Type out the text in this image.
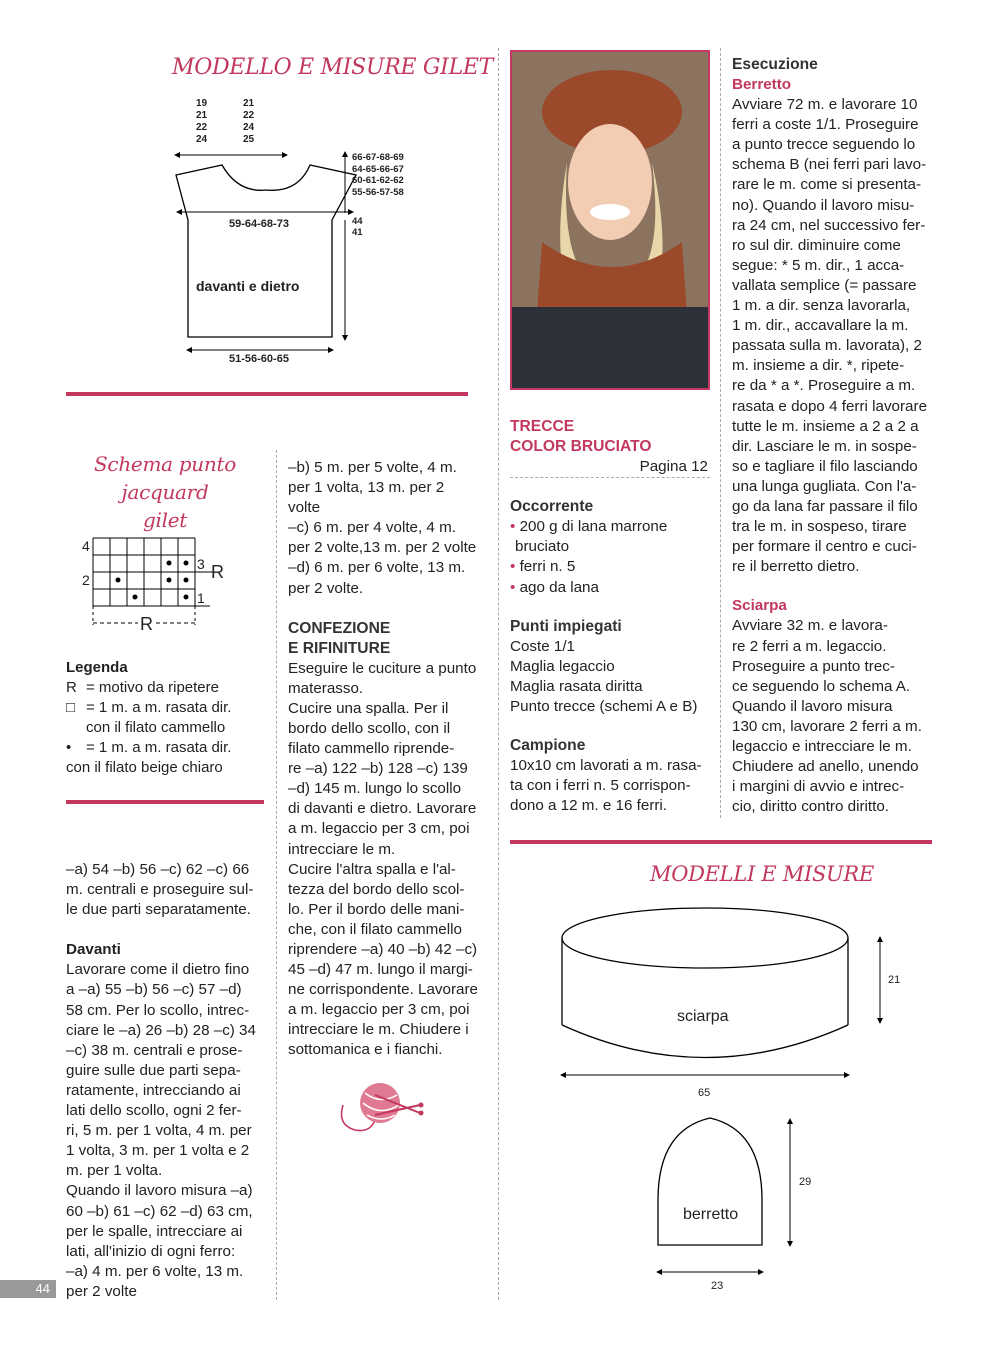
MODELLO E MISURE GILET
19
21
22
24
21
22
24
25
66-67-68-69
64-65-66-67
60-61-62-62
55-56-57-58
44
41
59-64-68-73
davanti e dietro
51-56-60-65
Schema punto jacquard
gilet
4
3
2
1
R
R
Legenda
R = motivo da ripetere
□ = 1 m. a m. rasata dir.
con il filato cammello
• = 1 m. a m. rasata dir.
con il filato beige chiaro

–a) 54 –b) 56 –c) 62 –c) 66

m. centrali e proseguire sul-

le due parti separatamente.

Davanti

Lavorare come il dietro fino

a –a) 55 –b) 56 –c) 57 –d)

58 cm. Per lo scollo, intrec-

ciare le –a) 26 –b) 28 –c) 34

–c) 38 m. centrali e prose-

guire sulle due parti sepa-

ratamente, intrecciando ai

lati dello scollo, ogni 2 fer-

ri, 5 m. per 1 volta, 4 m. per

1 volta, 3 m. per 1 volta e 2

m. per 1 volta.

Quando il lavoro misura –a)

60 –b) 61 –c) 62 –d) 63 cm,

per le spalle, intrecciare ai

lati, all'inizio di ogni ferro:

–a) 4 m. per 6 volte, 13 m.

per 2 volte

44

–b) 5 m. per 5 volte, 4 m.

per 1 volta, 13 m. per 2

volte

–c) 6 m. per 4 volte, 4 m.

per 2 volte,13 m. per 2 volte

–d) 6 m. per 6 volte, 13 m.

per 2 volte.

CONFEZIONE

E RIFINITURE

Eseguire le cuciture a punto

materasso.

Cucire una spalla. Per il

bordo dello scollo, con il

filato cammello riprende-

re –a) 122 –b) 128 –c) 139

–d) 145 m. lungo lo scollo

di davanti e dietro. Lavorare

a m. legaccio per 3 cm, poi

intrecciare le m.

Cucire l'altra spalla e l'al-

tezza del bordo dello scol-

lo. Per il bordo delle mani-

che, con il filato cammello

riprendere –a) 40 –b) 42 –c)

45 –d) 47 m. lungo il margi-

ne corrispondente. Lavorare

a m. legaccio per 3 cm, poi

intrecciare le m. Chiudere i

sottomanica e i fianchi.

TRECCE

COLOR BRUCIATO

Pagina 12

Occorrente

• 200 g di lana marrone

bruciato

• ferri n. 5

• ago da lana

Punti impiegati

Coste 1/1

Maglia legaccio

Maglia rasata diritta

Punto trecce (schemi A e B)

Campione

10x10 cm lavorati a m. rasa-

ta con i ferri n. 5 corrispon-

dono a 12 m. e 16 ferri.

Esecuzione

Berretto

Avviare 72 m. e lavorare 10

ferri a coste 1/1. Proseguire

a punto trecce seguendo lo

schema B (nei ferri pari lavo-

rare le m. come si presenta-

no). Quando il lavoro misu-

ra 24 cm, nel successivo fer-

ro sul dir. diminuire come

segue: * 5 m. dir., 1 acca-

vallata semplice (= passare

1 m. a dir. senza lavorarla,

1 m. dir., accavallare la m.

passata sulla m. lavorata), 2

m. insieme a dir. *, ripete-

re da * a *. Proseguire a m.

rasata e dopo 4 ferri lavorare

tutte le m. insieme a 2 a 2 a

dir. Lasciare le m. in sospe-

so e tagliare il filo lasciando

una lunga gugliata. Con l'a-

go da lana far passare il filo

tra le m. in sospeso, tirare

per formare il centro e cuci-

re il berretto dietro.

Sciarpa

Avviare 32 m. e lavora-

re 2 ferri a m. legaccio.

Proseguire a punto trec-

ce seguendo lo schema A.

Quando il lavoro misura

130 cm, lavorare 2 ferri a m.

legaccio e intrecciare le m.

Chiudere ad anello, unendo

i margini di avvio e intrec-

cio, diritto contro diritto.

MODELLI E MISURE
sciarpa
21
65
berretto
29
23
